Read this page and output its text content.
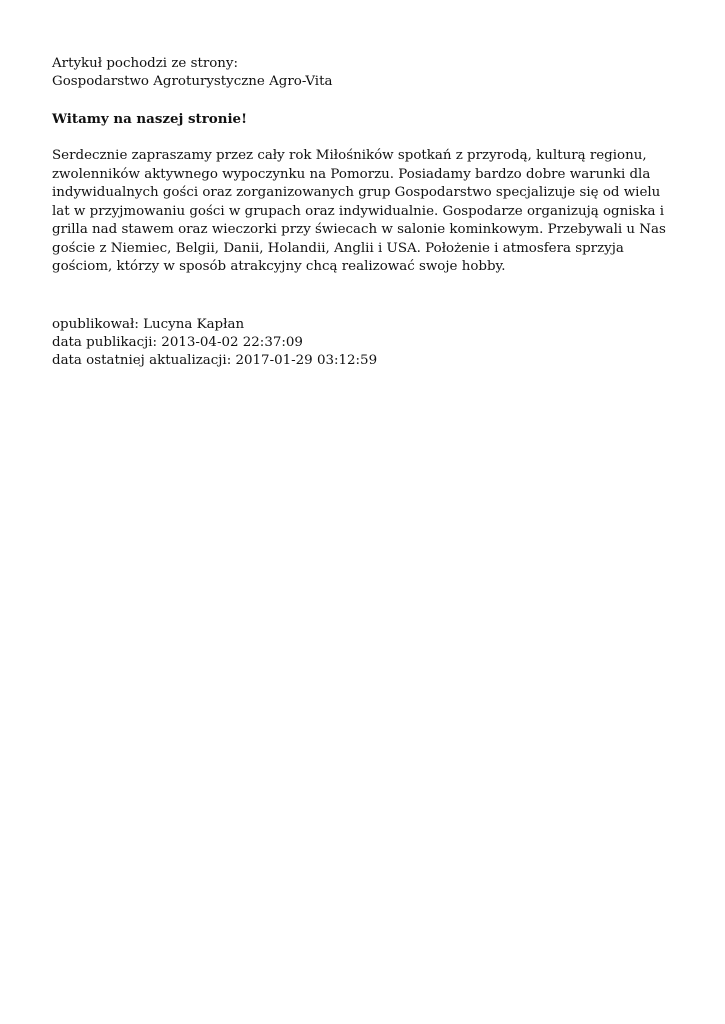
Artykuł pochodzi ze strony:
Gospodarstwo Agroturystyczne Agro-Vita
Witamy na naszej stronie!
Serdecznie zapraszamy przez cały rok Miłośników spotkań z przyrodą, kulturą regionu, zwolenników aktywnego wypoczynku na Pomorzu. Posiadamy bardzo dobre warunki dla indywidualnych gości oraz zorganizowanych grup Gospodarstwo specjalizuje się od wielu lat w przyjmowaniu gości w grupach oraz indywidualnie. Gospodarze organizują ogniska i grilla nad stawem oraz wieczorki przy świecach w salonie kominkowym. Przebywali u Nas goście z Niemiec, Belgii, Danii, Holandii, Anglii i USA. Położenie i atmosfera sprzyja gościom, którzy w sposób atrakcyjny chcą realizować swoje hobby.
opublikował: Lucyna Kapłan
data publikacji: 2013-04-02 22:37:09
data ostatniej aktualizacji: 2017-01-29 03:12:59
